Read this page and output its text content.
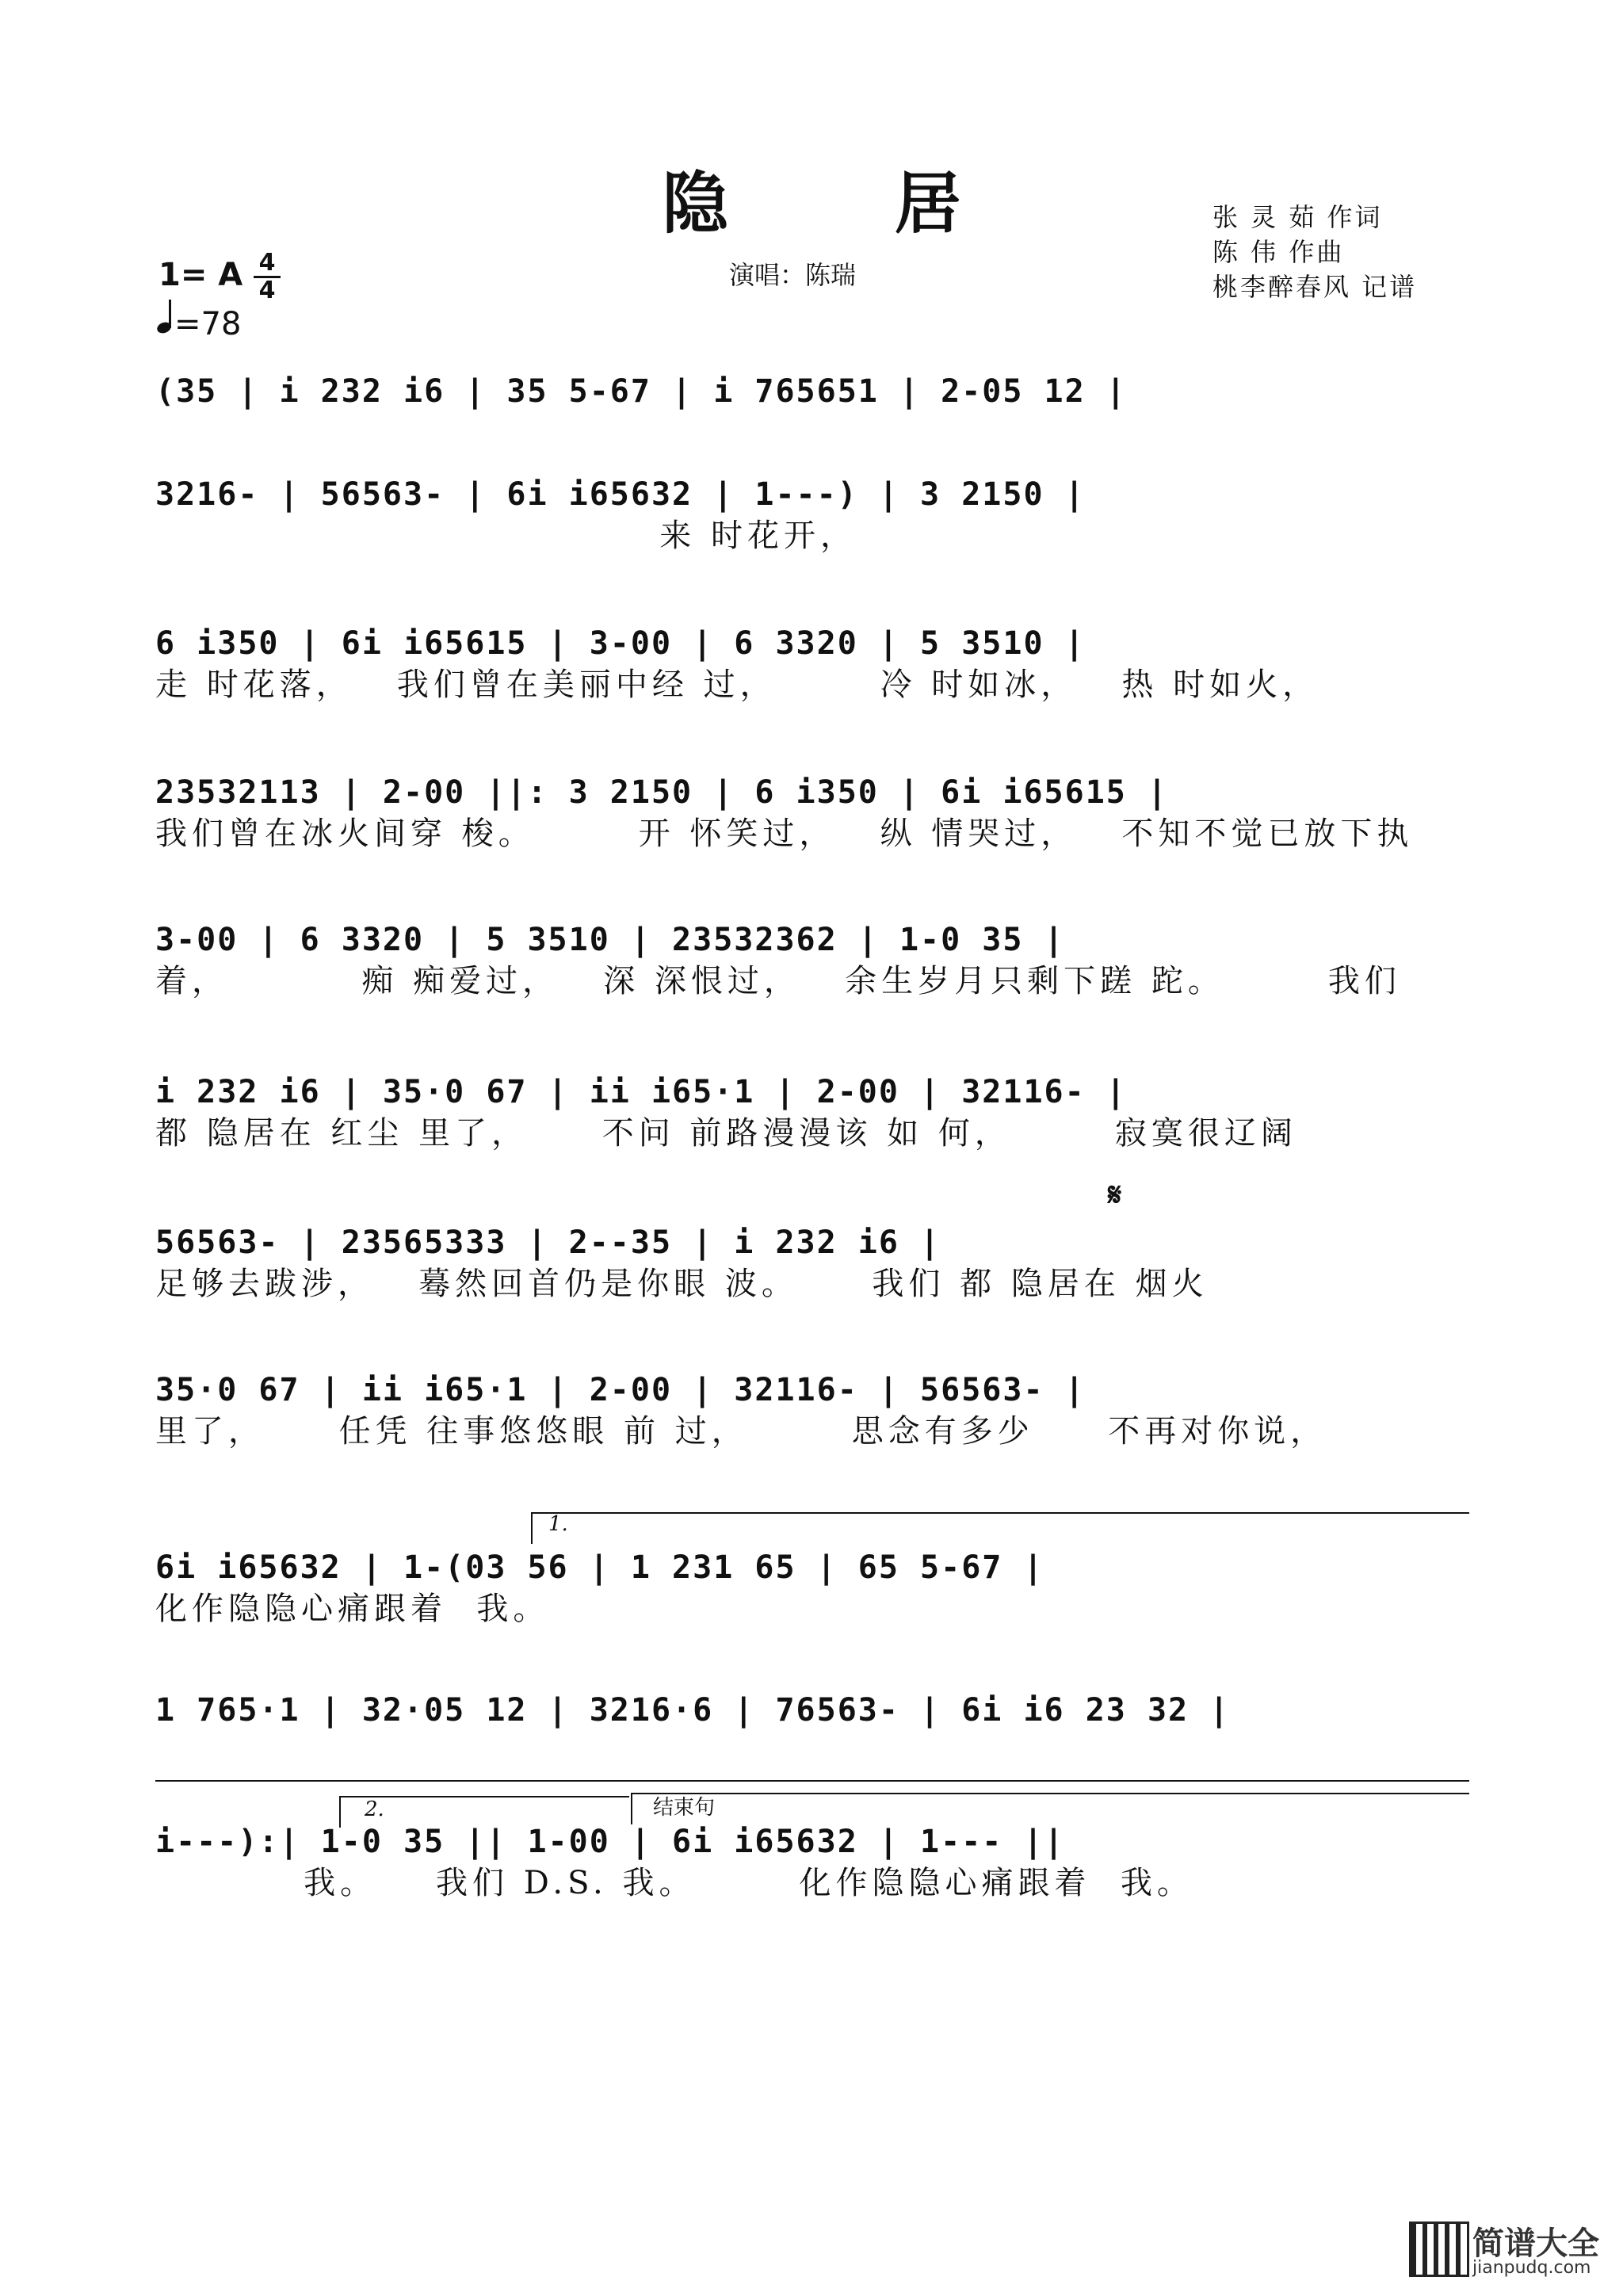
隐 居	张 灵 茹 作词
陈 伟 作曲
桃李醉春风 记谱
演唱：陈瑞
1= A 4
4
=78
(35 | i 232 i6 | 35 5-67 | i 765651 | 2-05 12 |
3216- | 56563- | 6i i65632 | 1---) | 3 2150 |
来 时花开，
6 i350 | 6i i65615 | 3-00 | 6 3320 | 5 3510 |
走 时花落，   我们曾在美丽中经 过，       冷 时如冰，   热 时如火，
23532113 | 2-00 ||: 3 2150 | 6 i350 | 6i i65615 |
我们曾在冰火间穿 梭。       开 怀笑过，   纵 情哭过，   不知不觉已放下执
3-00 | 6 3320 | 5 3510 | 23532362 | 1-0 35 |
着，         痴 痴爱过，   深 深恨过，   余生岁月只剩下蹉 跎。       我们
i 232 i6 | 35·0 67 | ii i65·1 | 2-00 | 32116- |
都 隐居在 红尘 里了，     不问 前路漫漫该 如 何，       寂寞很辽阔
56563- | 23565333 | 2--35 | i 232 i6 |
足够去跋涉，   蓦然回首仍是你眼 波。     我们 都 隐居在 烟火
𝄋
35·0 67 | ii i65·1 | 2-00 | 32116- | 56563- |
里了，     任凭 往事悠悠眼 前 过，       思念有多少     不再对你说，
1.
6i i65632 | 1-(03 56 | 1 231 65 | 65 5-67 |
化作隐隐心痛跟着  我。
1 765·1 | 32·05 12 | 3216·6 | 76563- | 6i i6 23 32 |
2.	结束句
i---):| 1-0 35 || 1-00 | 6i i65632 | 1--- ||
我。    我们 D.S. 我。       化作隐隐心痛跟着  我。
简谱大全
jianpudq.com
